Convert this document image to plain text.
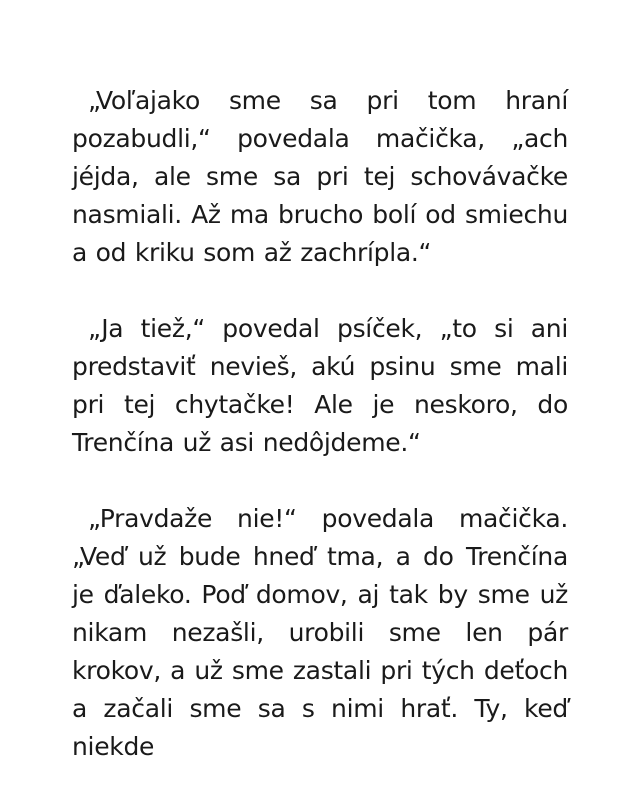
„Voľajako sme sa pri tom hraní pozabudli,“ povedala mačička, „ach jéjda, ale sme sa pri tej schovávačke nasmiali. Až ma brucho bolí od smiechu a od kriku som až zachrípla.“

„Ja tiež,“ povedal psíček, „to si ani predstaviť nevieš, akú psinu sme mali pri tej chytačke! Ale je neskoro, do Trenčína už asi nedôjdeme.“

„Pravdaže nie!“ povedala mačička. „Veď už bude hneď tma, a do Trenčína je ďaleko. Poď domov, aj tak by sme už nikam nezašli, urobili sme len pár krokov, a už sme zastali pri tých deťoch a začali sme sa s nimi hrať. Ty, keď niekde
